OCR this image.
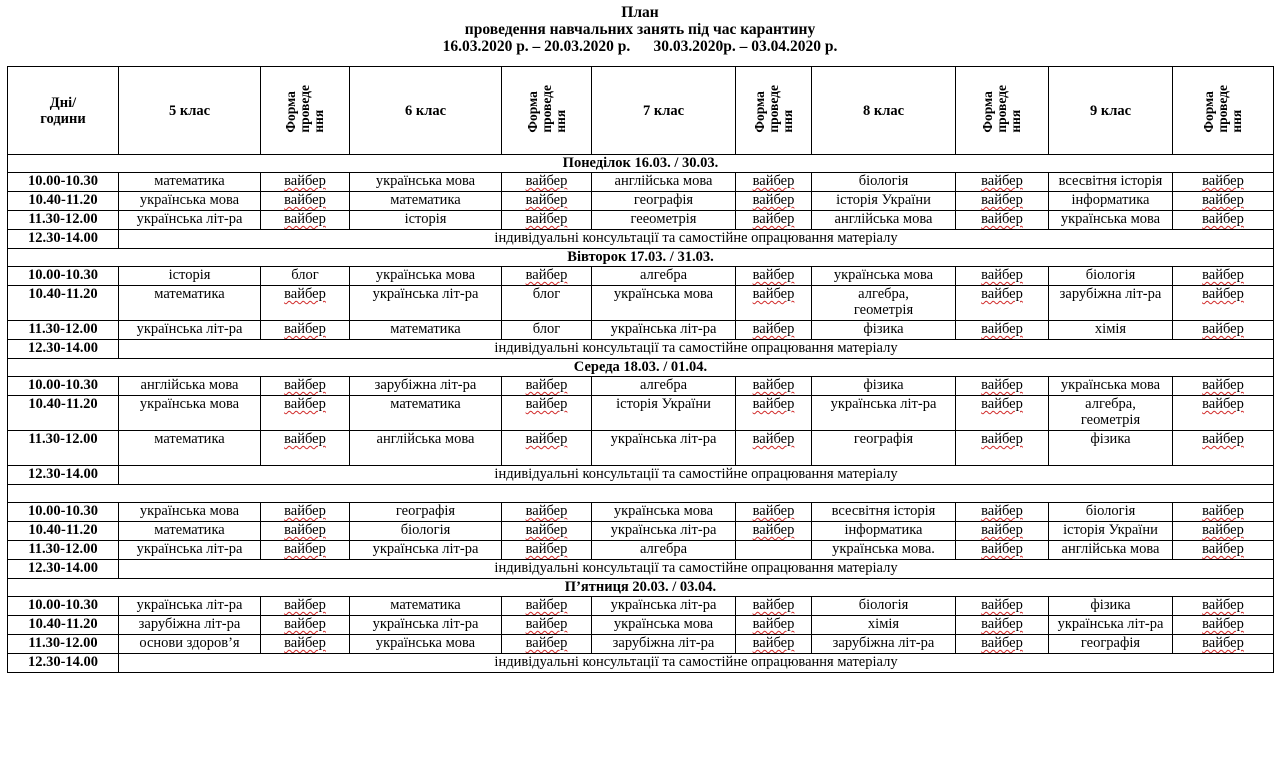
План
проведення навчальних занять під час карантину
16.03.2020 р. – 20.03.2020 р.      30.03.2020р. – 03.04.2020 р.
Дні/
години	5 клас	Форма
проведе
ння	6 клас	Форма
проведе
ння	7 клас	Форма
проведе
ння	8 клас	Форма
проведе
ння	9 клас	Форма
проведе
ння
Понеділок 16.03. / 30.03.										
10.00-10.30	математика	вайбер	українська мова	вайбер	англійська мова	вайбер	біологія	вайбер	всесвітня історія	вайбер
10.40-11.20	українська мова	вайбер	математика	вайбер	географія	вайбер	історія України	вайбер	інформатика	вайбер
11.30-12.00	українська літ-ра	вайбер	історія	вайбер	геeoметрія	вайбер	англійська мова	вайбер	українська мова	вайбер
12.30-14.00	індивідуальні консультації та самостійне опрацювання матеріалу									
Вівторок 17.03. / 31.03.										
10.00-10.30	історія	блог	українська мова	вайбер	алгебра	вайбер	українська мова	вайбер	біологія	вайбер
10.40-11.20	математика	вайбер	українська літ-ра	блог	українська мова	вайбер	алгебра,
геометрія	вайбер	зарубіжна літ-ра	вайбер
11.30-12.00	українська літ-ра	вайбер	математика	блог	українська літ-ра	вайбер	фізика	вайбер	хімія	вайбер
12.30-14.00	індивідуальні консультації та самостійне опрацювання матеріалу									
Середа 18.03. / 01.04.										
10.00-10.30	англійська мова	вайбер	зарубіжна літ-ра	вайбер	алгебра	вайбер	фізика	вайбер	українська мова	вайбер
10.40-11.20	українська мова	вайбер	математика	вайбер	історія України	вайбер	українська літ-ра	вайбер	алгебра,
геометрія	вайбер
11.30-12.00	математика	вайбер	англійська мова	вайбер	українська літ-ра	вайбер	географія	вайбер	фізика	вайбер
12.30-14.00	індивідуальні консультації та самостійне опрацювання матеріалу									

10.00-10.30	українська мова	вайбер	географія	вайбер	українська мова	вайбер	всесвітня історія	вайбер	біологія	вайбер
10.40-11.20	математика	вайбер	біологія	вайбер	українська літ-ра	вайбер	інформатика	вайбер	історія України	вайбер
11.30-12.00	українська літ-ра	вайбер	українська літ-ра	вайбер	алгебра		українська мова.	вайбер	англійська мова	вайбер
12.30-14.00	індивідуальні консультації та самостійне опрацювання матеріалу									
П’ятниця 20.03. / 03.04.										
10.00-10.30	українська літ-ра	вайбер	математика	вайбер	українська літ-ра	вайбер	біологія	вайбер	фізика	вайбер
10.40-11.20	зарубіжна літ-ра	вайбер	українська літ-ра	вайбер	українська мова	вайбер	хімія	вайбер	українська літ-ра	вайбер
11.30-12.00	основи здоров’я	вайбер	українська мова	вайбер	зарубіжна літ-ра	вайбер	зарубіжна літ-ра	вайбер	географія	вайбер
12.30-14.00	індивідуальні консультації та самостійне опрацювання матеріалу									
